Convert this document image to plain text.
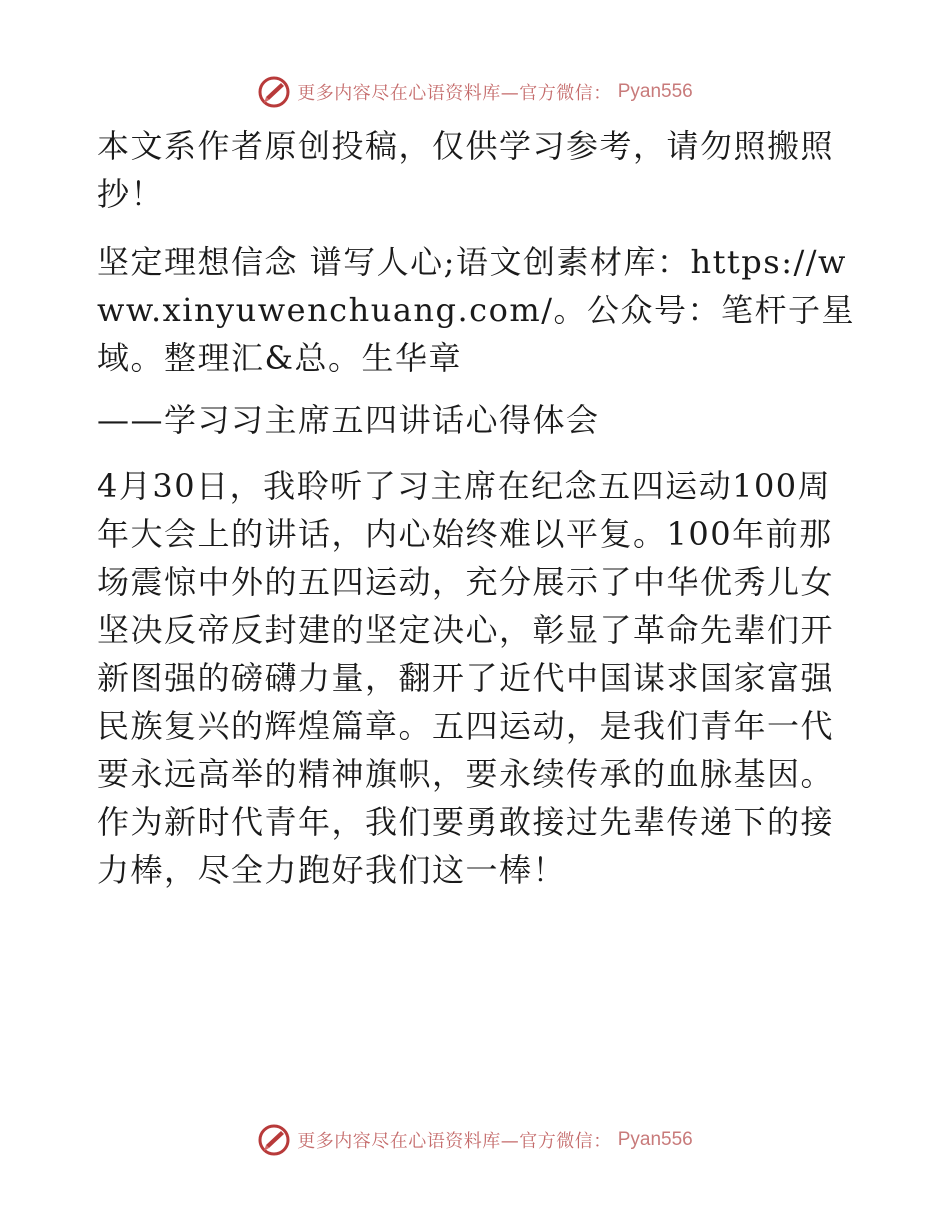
更多内容尽在心语资料库—官方微信： Pyan556

本文系作者原创投稿，仅供学习参考，请勿照搬照抄！

坚定理想信念 谱写人心;语文创素材库：https://www.xinyuwenchuang.com/。公众号：笔杆子星域。整理汇&总。生华章

——学习习主席五四讲话心得体会

4月30日，我聆听了习主席在纪念五四运动100周年大会上的讲话，内心始终难以平复。100年前那场震惊中外的五四运动，充分展示了中华优秀儿女坚决反帝反封建的坚定决心，彰显了革命先辈们开新图强的磅礴力量，翻开了近代中国谋求国家富强民族复兴的辉煌篇章。五四运动，是我们青年一代要永远高举的精神旗帜，要永续传承的血脉基因。作为新时代青年，我们要勇敢接过先辈传递下的接力棒，尽全力跑好我们这一棒！

更多内容尽在心语资料库—官方微信： Pyan556
